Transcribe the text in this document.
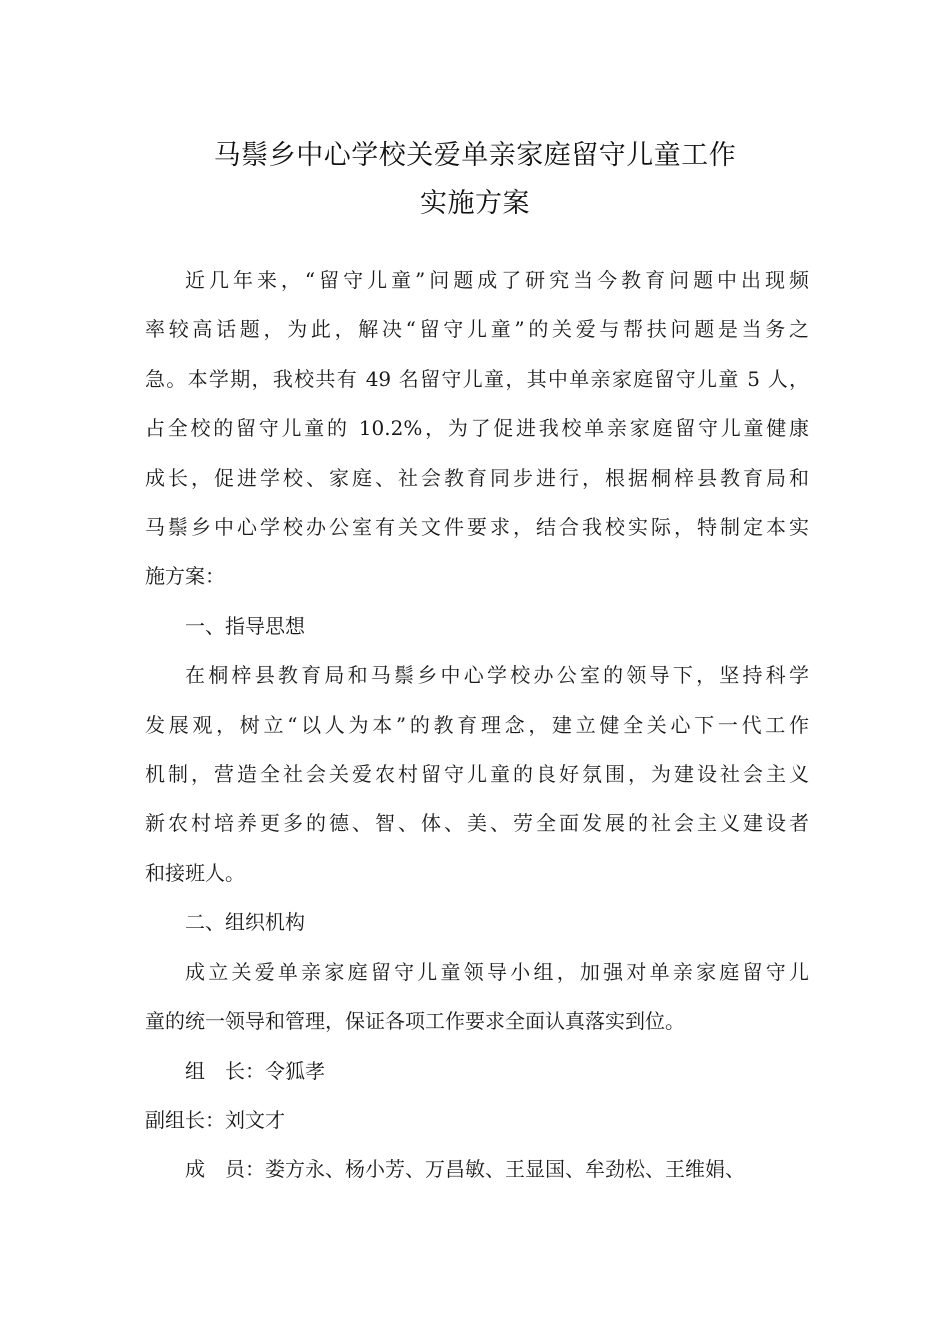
马鬃乡中心学校关爱单亲家庭留守儿童工作
实施方案
近几年来，“留守儿童”问题成了研究当今教育问题中出现频
率较高话题，为此，解决“留守儿童”的关爱与帮扶问题是当务之
急。本学期，我校共有 49 名留守儿童，其中单亲家庭留守儿童 5 人，
占全校的留守儿童的 10.2%，为了促进我校单亲家庭留守儿童健康
成长，促进学校、家庭、社会教育同步进行，根据桐梓县教育局和
马鬃乡中心学校办公室有关文件要求，结合我校实际，特制定本实
施方案：
一、指导思想
在桐梓县教育局和马鬃乡中心学校办公室的领导下，坚持科学
发展观，树立“以人为本”的教育理念，建立健全关心下一代工作
机制，营造全社会关爱农村留守儿童的良好氛围，为建设社会主义
新农村培养更多的德、智、体、美、劳全面发展的社会主义建设者
和接班人。
二、组织机构
成立关爱单亲家庭留守儿童领导小组，加强对单亲家庭留守儿
童的统一领导和管理，保证各项工作要求全面认真落实到位。
组　长：令狐孝
副组长：刘文才
成　员：娄方永、杨小芳、万昌敏、王显国、牟劲松、王维娟、
